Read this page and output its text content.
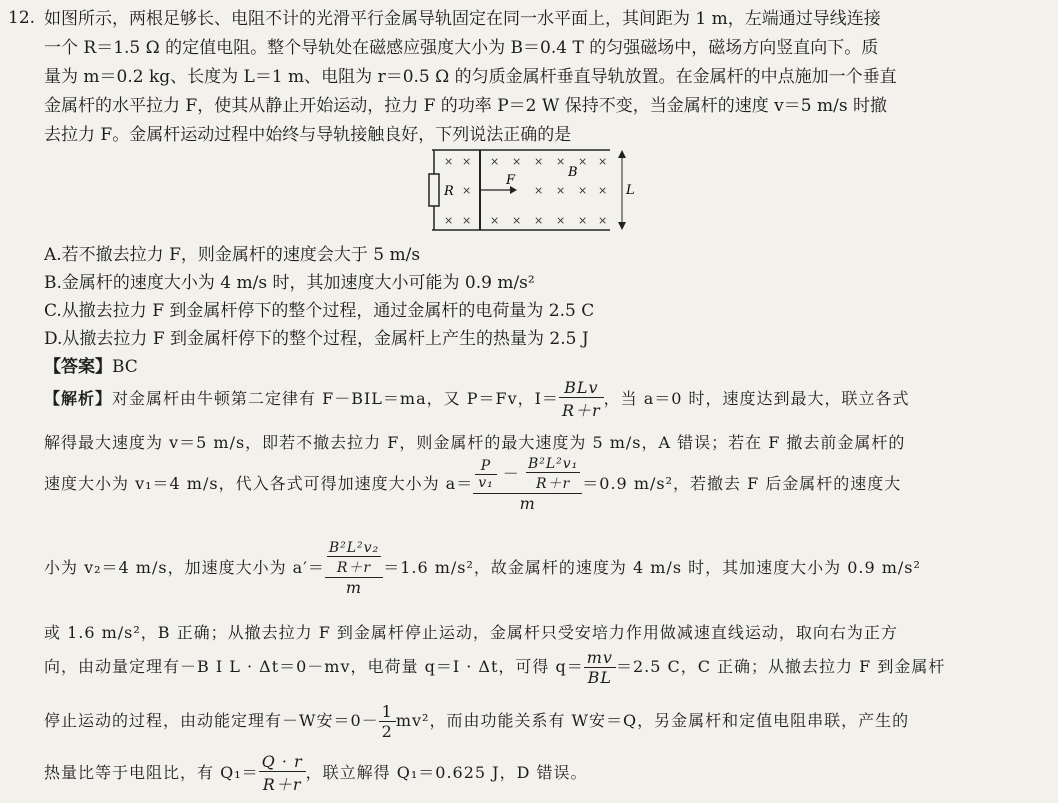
12. 如图所示，两根足够长、电阻不计的光滑平行金属导轨固定在同一水平面上，其间距为 1 m，左端通过导线连接
一个 R＝1.5 Ω 的定值电阻。整个导轨处在磁感应强度大小为 B＝0.4 T 的匀强磁场中，磁场方向竖直向下。质
量为 m＝0.2 kg、长度为 L＝1 m、电阻为 r＝0.5 Ω 的匀质金属杆垂直导轨放置。在金属杆的中点施加一个垂直
金属杆的水平拉力 F，使其从静止开始运动，拉力 F 的功率 P＝2 W 保持不变，当金属杆的速度 v＝5 m/s 时撤
去拉力 F。金属杆运动过程中始终与导轨接触良好，下列说法正确的是
R
F
B
L
× × × × × × × ×
×	× × × ×
× × × × × × × ×
A.若不撤去拉力 F，则金属杆的速度会大于 5 m/s
B.金属杆的速度大小为 4 m/s 时，其加速度大小可能为 0.9 m/s²
C.从撤去拉力 F 到金属杆停下的整个过程，通过金属杆的电荷量为 2.5 C
D.从撤去拉力 F 到金属杆停下的整个过程，金属杆上产生的热量为 2.5 J
【答案】BC
【解析】对金属杆由牛顿第二定律有 F－BIL＝ma，又 P＝Fv，$I= \frac{\text{BLv}}{R+r}$ ，当 a＝0 时，速度达到最大，联立各式
解得最大速度为 v＝5 m/s，即若不撤去拉力 F，则金属杆的最大速度为 5 m/s，A 错误；若在 F 撤去前金属杆的
速度大小为 v₁＝4 m/s，代入各式可得加速度大小为 $a= \frac{\frac{P}{\text{v₁}} - \frac{\text{B²L²v₁}}{R+r}}{m} =0.9$ m/s²，若撤去 F 后金属杆的速度大
小为 v₂＝4 m/s，加速度大小为 $a'= \frac{\frac{\text{B²L²v₂}}{R+r}}{m} =1.6$ m/s²，故金属杆的速度为 4 m/s 时，其加速度大小为 0.9 m/s²
或 1.6 m/s²，B 正确；从撤去拉力 F 到金属杆停止运动，金属杆只受安培力作用做减速直线运动，取向右为正方
向，由动量定理有－B I L · Δt＝0－mv，电荷量 q＝I · Δt，可得 $q= \frac{mv}{BL} =2.5$ C，C 正确；从撤去拉力 F 到金属杆
停止运动的过程，由动能定理有－W安$=0- \frac{1}{2} mv^2$，而由功能关系有 W安＝Q，另金属杆和定值电阻串联，产生的
热量比等于电阻比，有 $Q_1= \frac{Q \cdot r}{R+r}$ ，联立解得 Q₁＝0.625 J，D 错误。
